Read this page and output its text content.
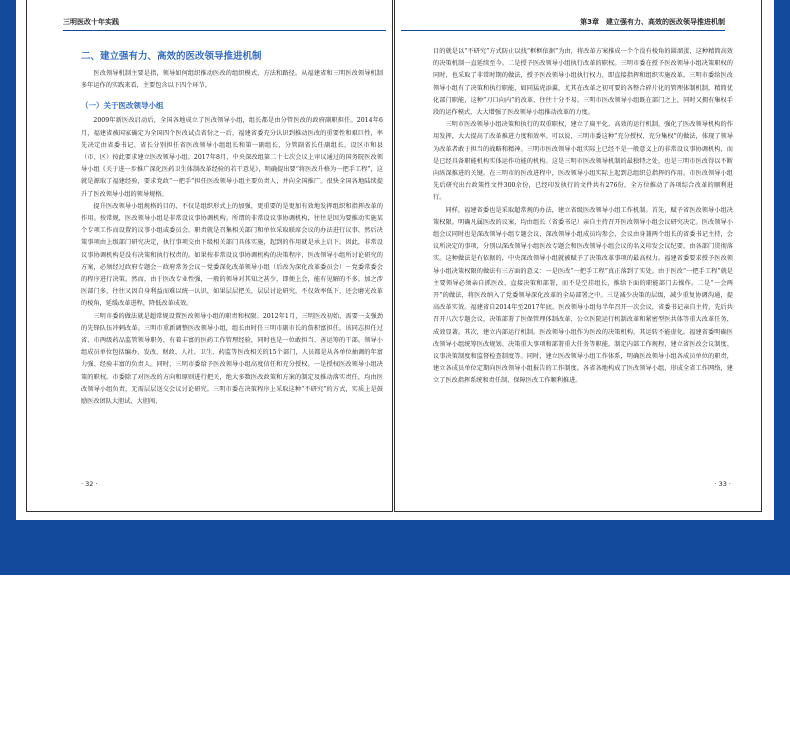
三明医改十年实践
二、建立强有力、高效的医改领导推进机制

医改领导机制主要是指，领导如何组织推动医改的组织模式、方法和路径。从福建省和三明医改领导机制多年运作的实践来看，主要包含以下四个环节。

（一）关于医改领导小组

2009年新医改启动后，全国各地成立了医改领导小组，组长都是由分管医改的政府副职担任。2014年6月，福建省被国家确定为全国四个医改试点省份之一后，福建省委充分认识到推动医改的重要性和艰巨性，率先决定由省委书记、省长分别担任省医改领导小组组长和第一副组长，分管副省长任副组长，设区市和县（市、区）按此要求建立医改领导小组。2017年8月，中央深改组第二十七次会议上审议通过的国务院医改领导小组《关于进一步推广深化医药卫生体制改革经验的若干意见》，明确提出要“将医改升格为一把手工程”，这就是源取了福建经验，要求党政“一把手”担任医改领导小组主要负责人，并向全国推广。很快全国各地陆续提升了医改领导小组的领导规格。

提升医改领导小组规格的目的，不仅是组织形式上的加强，更重要的是更加有效地发挥组织和指挥改革的作用。按常规，医改领导小组是非常设议事协调机构。所谓的非常设议事协调机构，往往是因为要推动实施某个专项工作而设置的议事小组或委员会，职责就是召集相关部门和单位采取联席会议的办法进行议事，然后决策事项由上级部门研究决定，执行事项交由下级相关部门具体实施，起到的作用就是承上启下。因此，非常设议事协调机构是没有决策和执行权责的。如果按非常设议事协调机构的决策程序，医改领导小组所讨论研究的方案，必须经过政府专题会－政府常务会议－党委深化改革领导小组（后改为深化改革委员会）－党委常委会的程序进行决策。然而，由于医改专业性强，一般的领导对其知之甚少，即便上会，能有见解的不多。加之涉医部门多，往往又因自身利益而难以统一认识，如果层层把关，层层讨论研究，不仅效率低下，还会磨光改革的棱角，延缓改革进程，降低改革成效。

三明市委的做法就是超常规设置医改领导小组的职责和权限。2012年1月，三明医改初始，需要一支强劲的先锋队伍冲刺改革。三明市重新调整医改领导小组，组长由时任三明市副市长的詹积富担任，该同志担任过省、市两级药品监管领导职务，有着丰富的医药工作管理经验，同时也是一位敢担当、善运筹的干部。领导小组成员单位包括编办、发改、财政、人社、卫生、药监等医改相关的15个部门，人员都是从各单位抽调的年富力强、经验丰富的负责人。同时，三明市委给予医改领导小组高度信任和充分授权。一是授权医改领导小组决策的职权。市委除了对医改的方向和原则进行把关，绝大多数医改政策和方案的制定及推动落实责任，均由医改领导小组负责，无需层层送交会议讨论研究。三明市委在决策程序上采取这种“不研究”的方式，实质上是鼓励医改团队大胆试、大胆闯，

· 32 ·
第3章　建立强有力、高效的医改领导推进机制

目的就是以“不研究”方式防止以找“框框依据”为由，将改革方案推成一个个没有棱角的圆溜蛋，这种精简高效的决策机制一直延续至今。二是授予医改领导小组执行改革的职权。三明市委在授予医改领导小组决策职权的同时，也采取了非常时期的做法，授予医改领导小组执行权力，即直接指挥和组织实施改革。三明市委给医改领导小组有了决策和执行职能，如同猛虎添翼，尤其在改革之初可要的各整合碎片化的管理体制机制，精简优化部门职能，这种“刀口向内”的改革，往往十分不易。三明市医改领导小组既在部门之上，同时又拥有集权手段的运作模式，大大增强了医改领导小组推动改革的力度。

三明市医改领导小组决策和执行的双重职权，建立了扁平化、高效的运行机制，强化了医改领导机构的作用发挥，大大提高了改革推进力度和效率。可以说，三明市委这种“充分授权、充分集权”的做法，体现了领导为改革者敢于担当的战略和精神。三明市医改领导小组实际上已经不是一般意义上的非常设议事协调机构，而是已经具备职能机构实体运作功能的机构。这是三明市医改领导机制的最独特之处，也是三明市医改得以不断向纵深推进的关键。在三明市的医改进程中，医改领导小组实际上起到总组织总指挥的作用。市医改领导小组先后研究出台政策性文件300余份，已经印发执行的文件共有276份，全方位推动了各项综合改革的顺利进行。

同样，福建省委也是采取超常规的办法，建立省级医改领导小组工作机制。首先，赋予省医改领导小组决策权限。明确凡属医改的议案，均由组长（省委书记）亲自主持召开医改领导小组会议研究决定。医改领导小组会议同时也是深改领导小组专题会议，深改领导小组成员均参会，会议由身兼两个组长的省委书记主持，会议所决定的事项，分别以深改领导小组医改专题会和医改领导小组会议的名义印发会议纪要，由各部门贯彻落实。这种做法是有依据的，中央深改领导小组就被赋予了决策改革事项的最高权力。福建省委要求授予医改领导小组决策权限的做法有三方面的意义：一是医改“一把手工程”真正落到了实处。由于医改“一把手工程”就是主要领导必须亲自抓医改、直接决策和部署，而不是空挂组长，推给下面的职能部门去操作。二是“一会两开”的做法，将医改纳入了党委领导深化改革的全局部署之中。三是减少决策的层级，减少重复协调沟通，提高改革实效。福建省自2014年至2017年底，医改领导小组每半年召开一次会议，省委书记亲自主持，先后共召开八次专题会议，决策部署了医保管理体制改革、公立医院运行机制改革和紧密型医共体等重大改革任务，成效显著。其次，建立内部运行机制。医改领导小组作为医改的决策机构，其运转不能虚化。福建省委明确医改领导小组统筹医改规划、决策重大事项和部署重大任务等职能，制定内部工作规程，建立省医改会议制度、议事决策制度和监督检查制度等。同时，建立医改领导小组工作体系，明确医改领导小组各成员单位的职责，建立各成员单位定期向医改领导小组报告的工作制度。各省各地构成了医改领导小组，形成全省工作网络，建立了医改指挥系统和责任制，保障医改工作顺利推进。

· 33 ·
